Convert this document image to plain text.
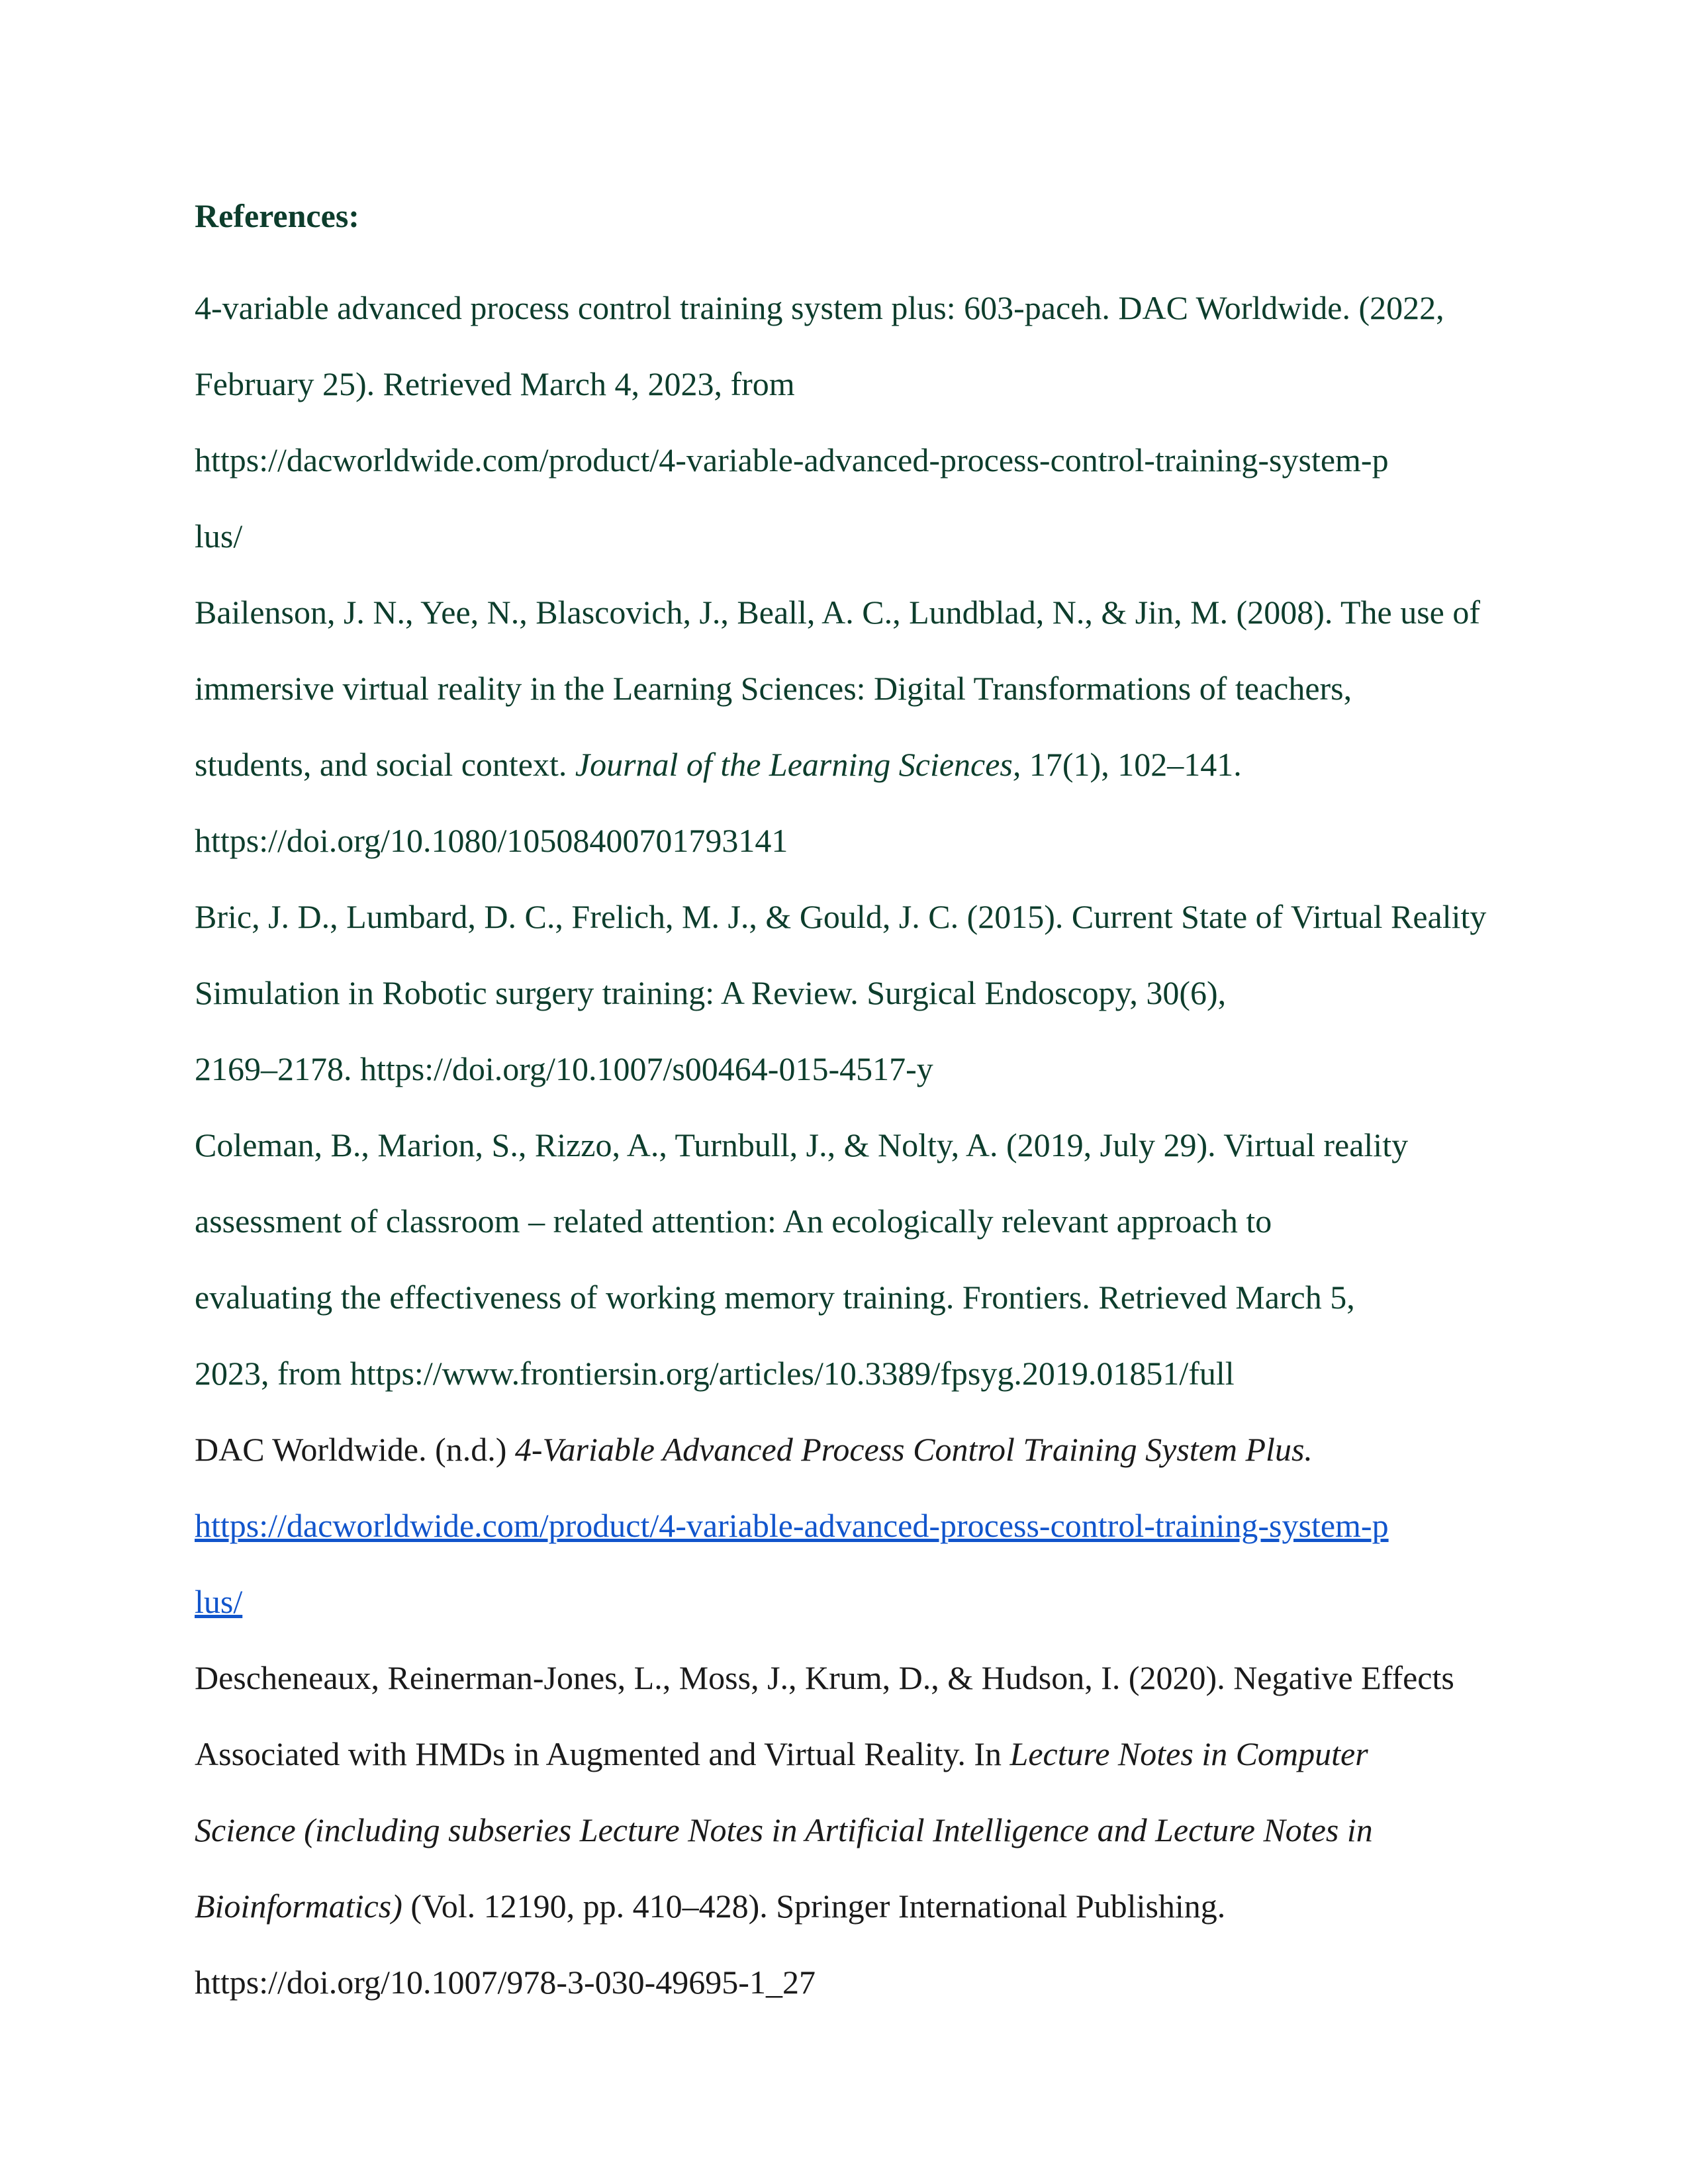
References:
4-variable advanced process control training system plus: 603-paceh. DAC Worldwide. (2022,
February 25). Retrieved March 4, 2023, from
https://dacworldwide.com/product/4-variable-advanced-process-control-training-system-p
lus/
Bailenson, J. N., Yee, N., Blascovich, J., Beall, A. C., Lundblad, N., & Jin, M. (2008). The use of
immersive virtual reality in the Learning Sciences: Digital Transformations of teachers,
students, and social context. Journal of the Learning Sciences, 17(1), 102–141.
https://doi.org/10.1080/10508400701793141
Bric, J. D., Lumbard, D. C., Frelich, M. J., & Gould, J. C. (2015). Current State of Virtual Reality
Simulation in Robotic surgery training: A Review. Surgical Endoscopy, 30(6),
2169–2178. https://doi.org/10.1007/s00464-015-4517-y
Coleman, B., Marion, S., Rizzo, A., Turnbull, J., & Nolty, A. (2019, July 29). Virtual reality
assessment of classroom – related attention: An ecologically relevant approach to
evaluating the effectiveness of working memory training. Frontiers. Retrieved March 5,
2023, from https://www.frontiersin.org/articles/10.3389/fpsyg.2019.01851/full
DAC Worldwide. (n.d.) 4-Variable Advanced Process Control Training System Plus.
https://dacworldwide.com/product/4-variable-advanced-process-control-training-system-p
lus/
Descheneaux, Reinerman-Jones, L., Moss, J., Krum, D., & Hudson, I. (2020). Negative Effects
Associated with HMDs in Augmented and Virtual Reality. In Lecture Notes in Computer
Science (including subseries Lecture Notes in Artificial Intelligence and Lecture Notes in
Bioinformatics) (Vol. 12190, pp. 410–428). Springer International Publishing.
https://doi.org/10.1007/978-3-030-49695-1_27
